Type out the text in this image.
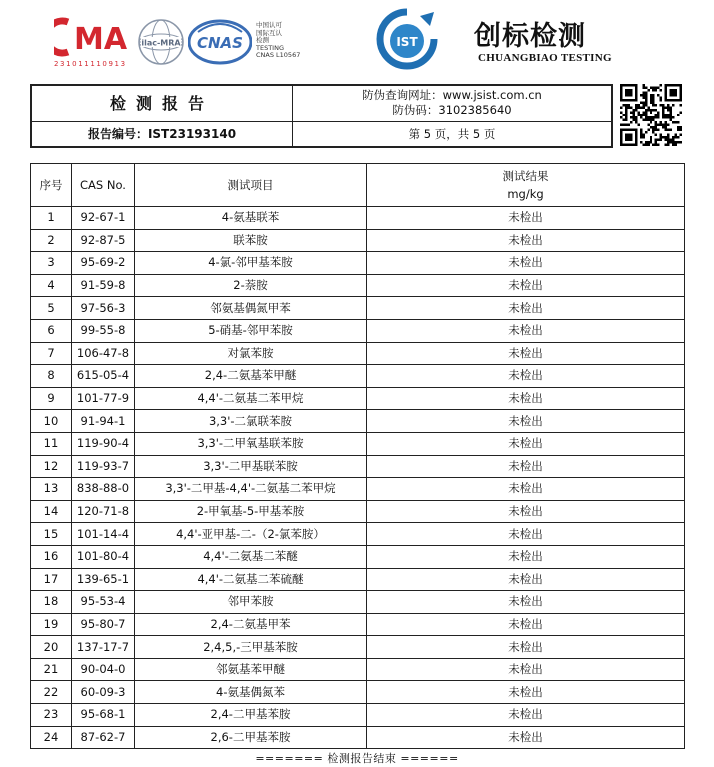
MA
231011110913
ilac-MRA CNAS
中国认可
国际互认
检测
TESTING
CNAS L10567
IST 创标检测
CHUANGBIAO TESTING
检测报告
报告编号：IST23193140
防伪查询网址：www.jsist.com.cn
防伪码：3102385640
第 5 页，共 5 页
序号	CAS No.	测试项目	测试结果
mg/kg

1	92-67-1	4-氨基联苯	未检出
2	92-87-5	联苯胺	未检出
3	95-69-2	4-氯-邻甲基苯胺	未检出
4	91-59-8	2-萘胺	未检出
5	97-56-3	邻氨基偶氮甲苯	未检出
6	99-55-8	5-硝基-邻甲苯胺	未检出
7	106-47-8	对氯苯胺	未检出
8	615-05-4	2,4-二氨基苯甲醚	未检出
9	101-77-9	4,4'-二氨基二苯甲烷	未检出
10	91-94-1	3,3'-二氯联苯胺	未检出
11	119-90-4	3,3'-二甲氧基联苯胺	未检出
12	119-93-7	3,3'-二甲基联苯胺	未检出
13	838-88-0	3,3'-二甲基-4,4'-二氨基二苯甲烷	未检出
14	120-71-8	2-甲氧基-5-甲基苯胺	未检出
15	101-14-4	4,4'-亚甲基-二-（2-氯苯胺）	未检出
16	101-80-4	4,4'-二氨基二苯醚	未检出
17	139-65-1	4,4'-二氨基二苯硫醚	未检出
18	95-53-4	邻甲苯胺	未检出
19	95-80-7	2,4-二氨基甲苯	未检出
20	137-17-7	2,4,5,-三甲基苯胺	未检出
21	90-04-0	邻氨基苯甲醚	未检出
22	60-09-3	4-氨基偶氮苯	未检出
23	95-68-1	2,4-二甲基苯胺	未检出
24	87-62-7	2,6-二甲基苯胺	未检出
======= 检测报告结束 ======
